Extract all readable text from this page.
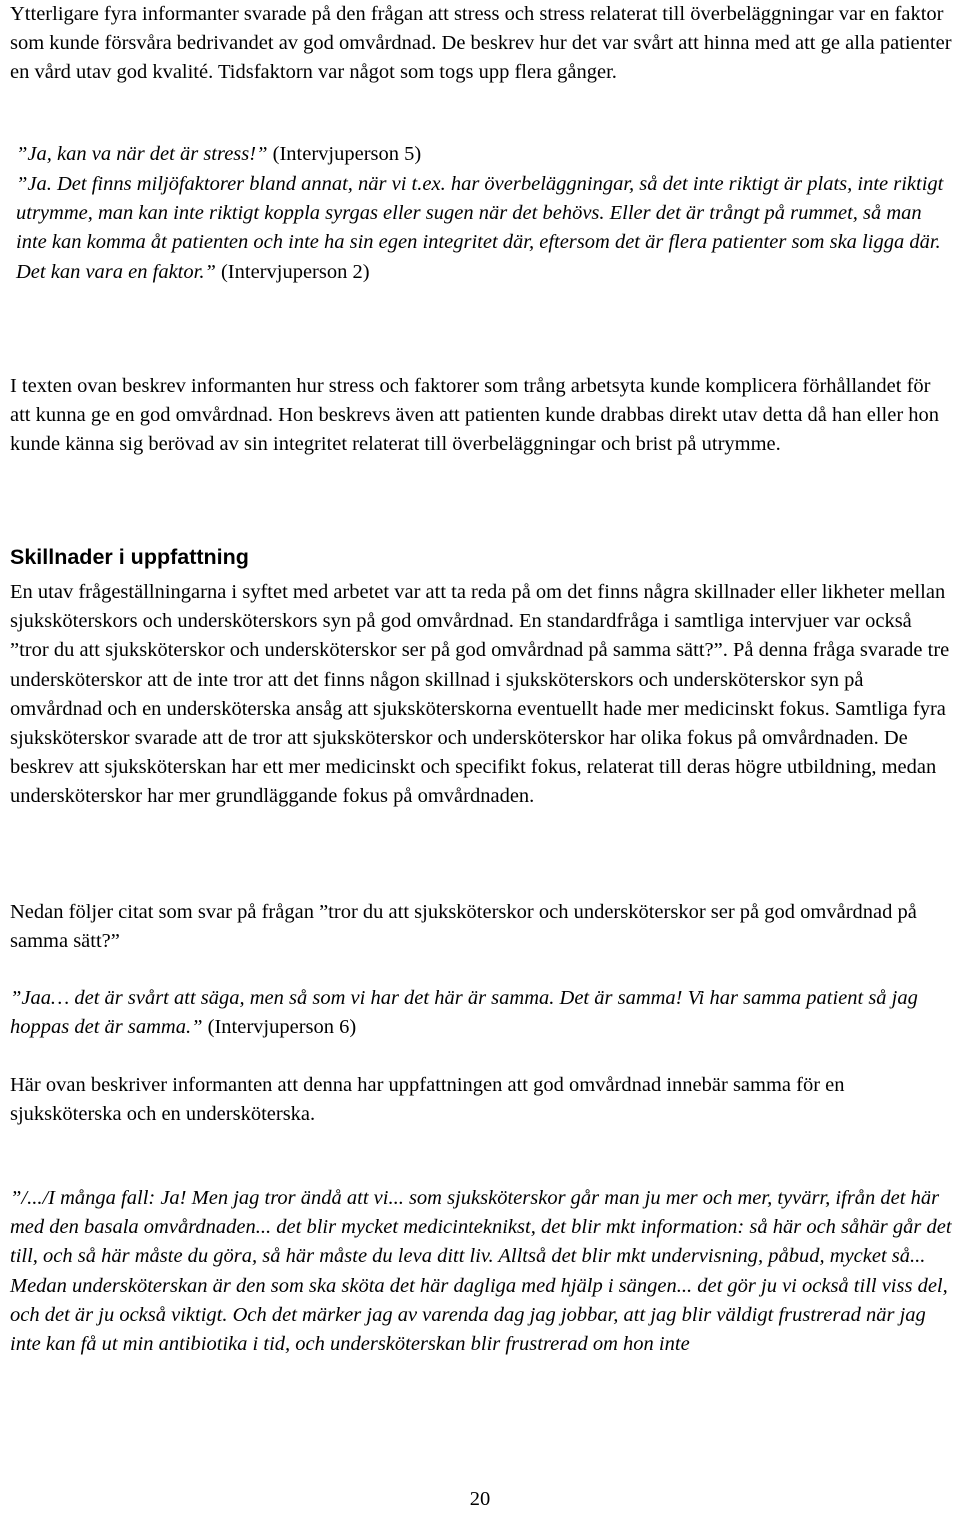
Ytterligare fyra informanter svarade på den frågan att stress och stress relaterat till överbeläggningar var en faktor som kunde försvåra bedrivandet av god omvårdnad. De beskrev hur det var svårt att hinna med att ge alla patienter en vård utav god kvalité. Tidsfaktorn var något som togs upp flera gånger.

”Ja, kan va när det är stress!” (Intervjuperson 5)

”Ja. Det finns miljöfaktorer bland annat, när vi t.ex. har överbeläggningar, så det inte riktigt är plats, inte riktigt utrymme, man kan inte riktigt koppla syrgas eller sugen när det behövs. Eller det är trångt på rummet, så man inte kan komma åt patienten och inte ha sin egen integritet där, eftersom det är flera patienter som ska ligga där. Det kan vara en faktor.” (Intervjuperson 2)

I texten ovan beskrev informanten hur stress och faktorer som trång arbetsyta kunde komplicera förhållandet för att kunna ge en god omvårdnad. Hon beskrevs även att patienten kunde drabbas direkt utav detta då han eller hon kunde känna sig berövad av sin integritet relaterat till överbeläggningar och brist på utrymme.

Skillnader i uppfattning

En utav frågeställningarna i syftet med arbetet var att ta reda på om det finns några skillnader eller likheter mellan sjuksköterskors och undersköterskors syn på god omvårdnad. En standardfråga i samtliga intervjuer var också ”tror du att sjuksköterskor och undersköterskor ser på god omvårdnad på samma sätt?”. På denna fråga svarade tre undersköterskor att de inte tror att det finns någon skillnad i sjuksköterskors och undersköterskor syn på omvårdnad och en undersköterska ansåg att sjuksköterskorna eventuellt hade mer medicinskt fokus. Samtliga fyra sjuksköterskor svarade att de tror att sjuksköterskor och undersköterskor har olika fokus på omvårdnaden. De beskrev att sjuksköterskan har ett mer medicinskt och specifikt fokus, relaterat till deras högre utbildning, medan undersköterskor har mer grundläggande fokus på omvårdnaden.

Nedan följer citat som svar på frågan ”tror du att sjuksköterskor och undersköterskor ser på god omvårdnad på samma sätt?”

”Jaa… det är svårt att säga, men så som vi har det här är samma. Det är samma! Vi har samma patient så jag hoppas det är samma.” (Intervjuperson 6)

Här ovan beskriver informanten att denna har uppfattningen att god omvårdnad innebär samma för en sjuksköterska och en undersköterska.

”/.../I många fall: Ja! Men jag tror ändå att vi... som sjuksköterskor går man ju mer och mer, tyvärr, ifrån det här med den basala omvårdnaden... det blir mycket medicinteknikst, det blir mkt information: så här och såhär går det till, och så här måste du göra, så här måste du leva ditt liv. Alltså det blir mkt undervisning, påbud, mycket så... Medan undersköterskan är den som ska sköta det här dagliga med hjälp i sängen... det gör ju vi också till viss del, och det är ju också viktigt. Och det märker jag av varenda dag jag jobbar, att jag blir väldigt frustrerad när jag inte kan få ut min antibiotika i tid, och undersköterskan blir frustrerad om hon inte

20
